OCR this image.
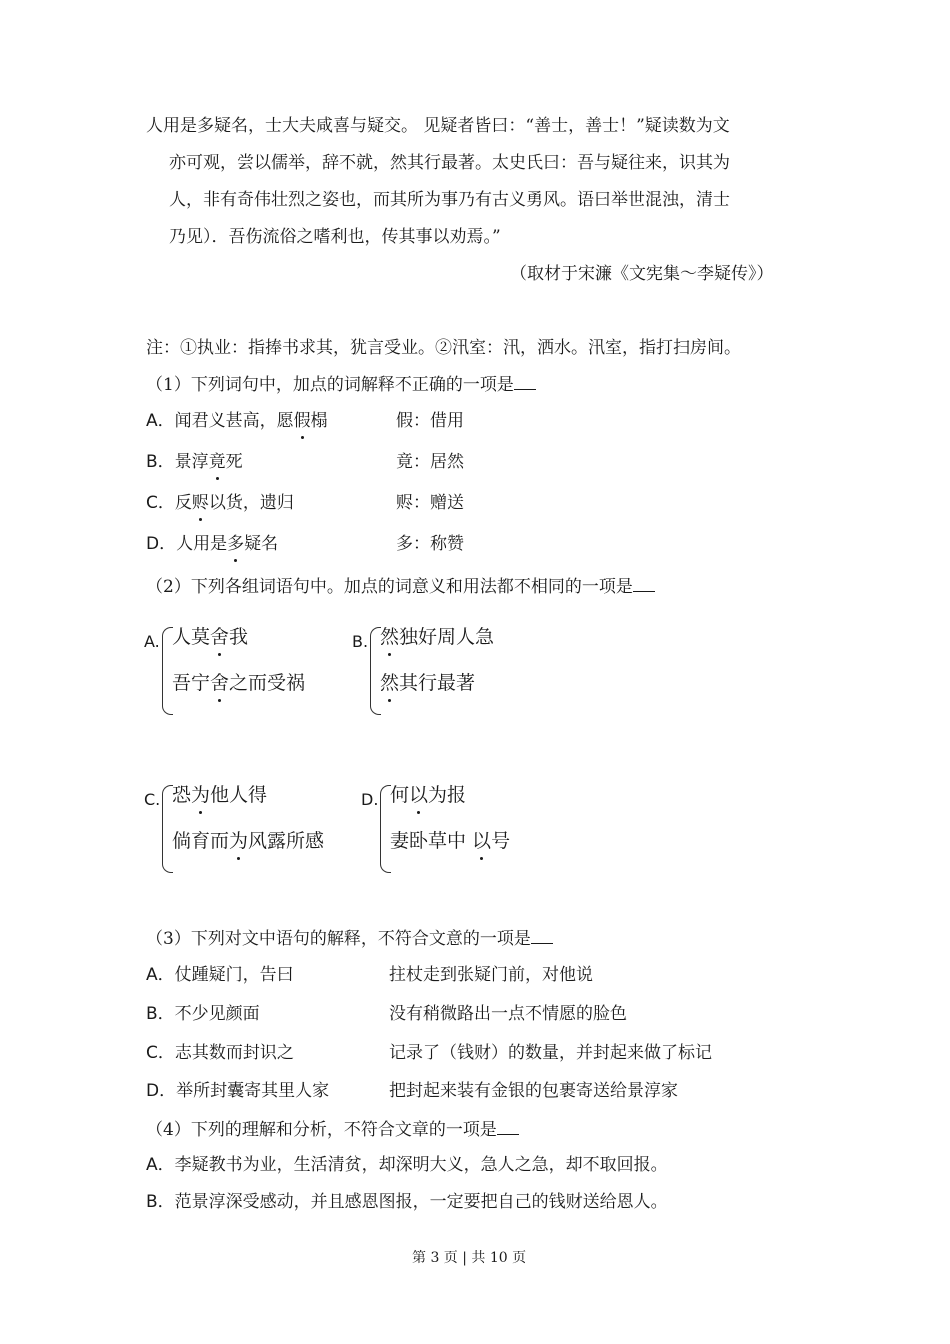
人用是多疑名，士大夫咸喜与疑交。 见疑者皆曰：“善士，善士！”疑读数为文
亦可观，尝以儒举，辞不就，然其行最著。太史氏曰：吾与疑往来，识其为
人，非有奇伟壮烈之姿也，而其所为事乃有古义勇风。语曰举世混浊，清士
乃见）．吾伤流俗之嗜利也，传其事以劝焉。”
（取材于宋濂《文宪集～李疑传》）
注：①执业：指捧书求其，犹言受业。②汛室：汛，洒水。汛室，指打扫房间。
（1）下列词句中，加点的词解释不正确的一项是
A．闻君义甚高，愿假榻	假：借用
B．景淳竟死	竟：居然
C．反赆以货，遗归	赆：赠送
D．人用是多疑名	多：称赞
（2）下列各组词语句中。加点的词意义和用法都不相同的一项是
A. 人莫舍我
吾宁舍之而受祸
B. 然独好周人急
然其行最著
C. 恐为他人得
倘育而为风露所感
D. 何以为报
妻卧草中 以号
（3）下列对文中语句的解释，不符合文意的一项是
A．仗踵疑门，告曰	拄杖走到张疑门前，对他说
B．不少见颜面	没有稍微路出一点不情愿的脸色
C．志其数而封识之	记录了（钱财）的数量，并封起来做了标记
D．举所封囊寄其里人家	把封起来装有金银的包裹寄送给景淳家
（4）下列的理解和分析，不符合文章的一项是
A．李疑教书为业，生活清贫，却深明大义，急人之急，却不取回报。
B．范景淳深受感动，并且感恩图报，一定要把自己的钱财送给恩人。
第 3 页 | 共 10 页
